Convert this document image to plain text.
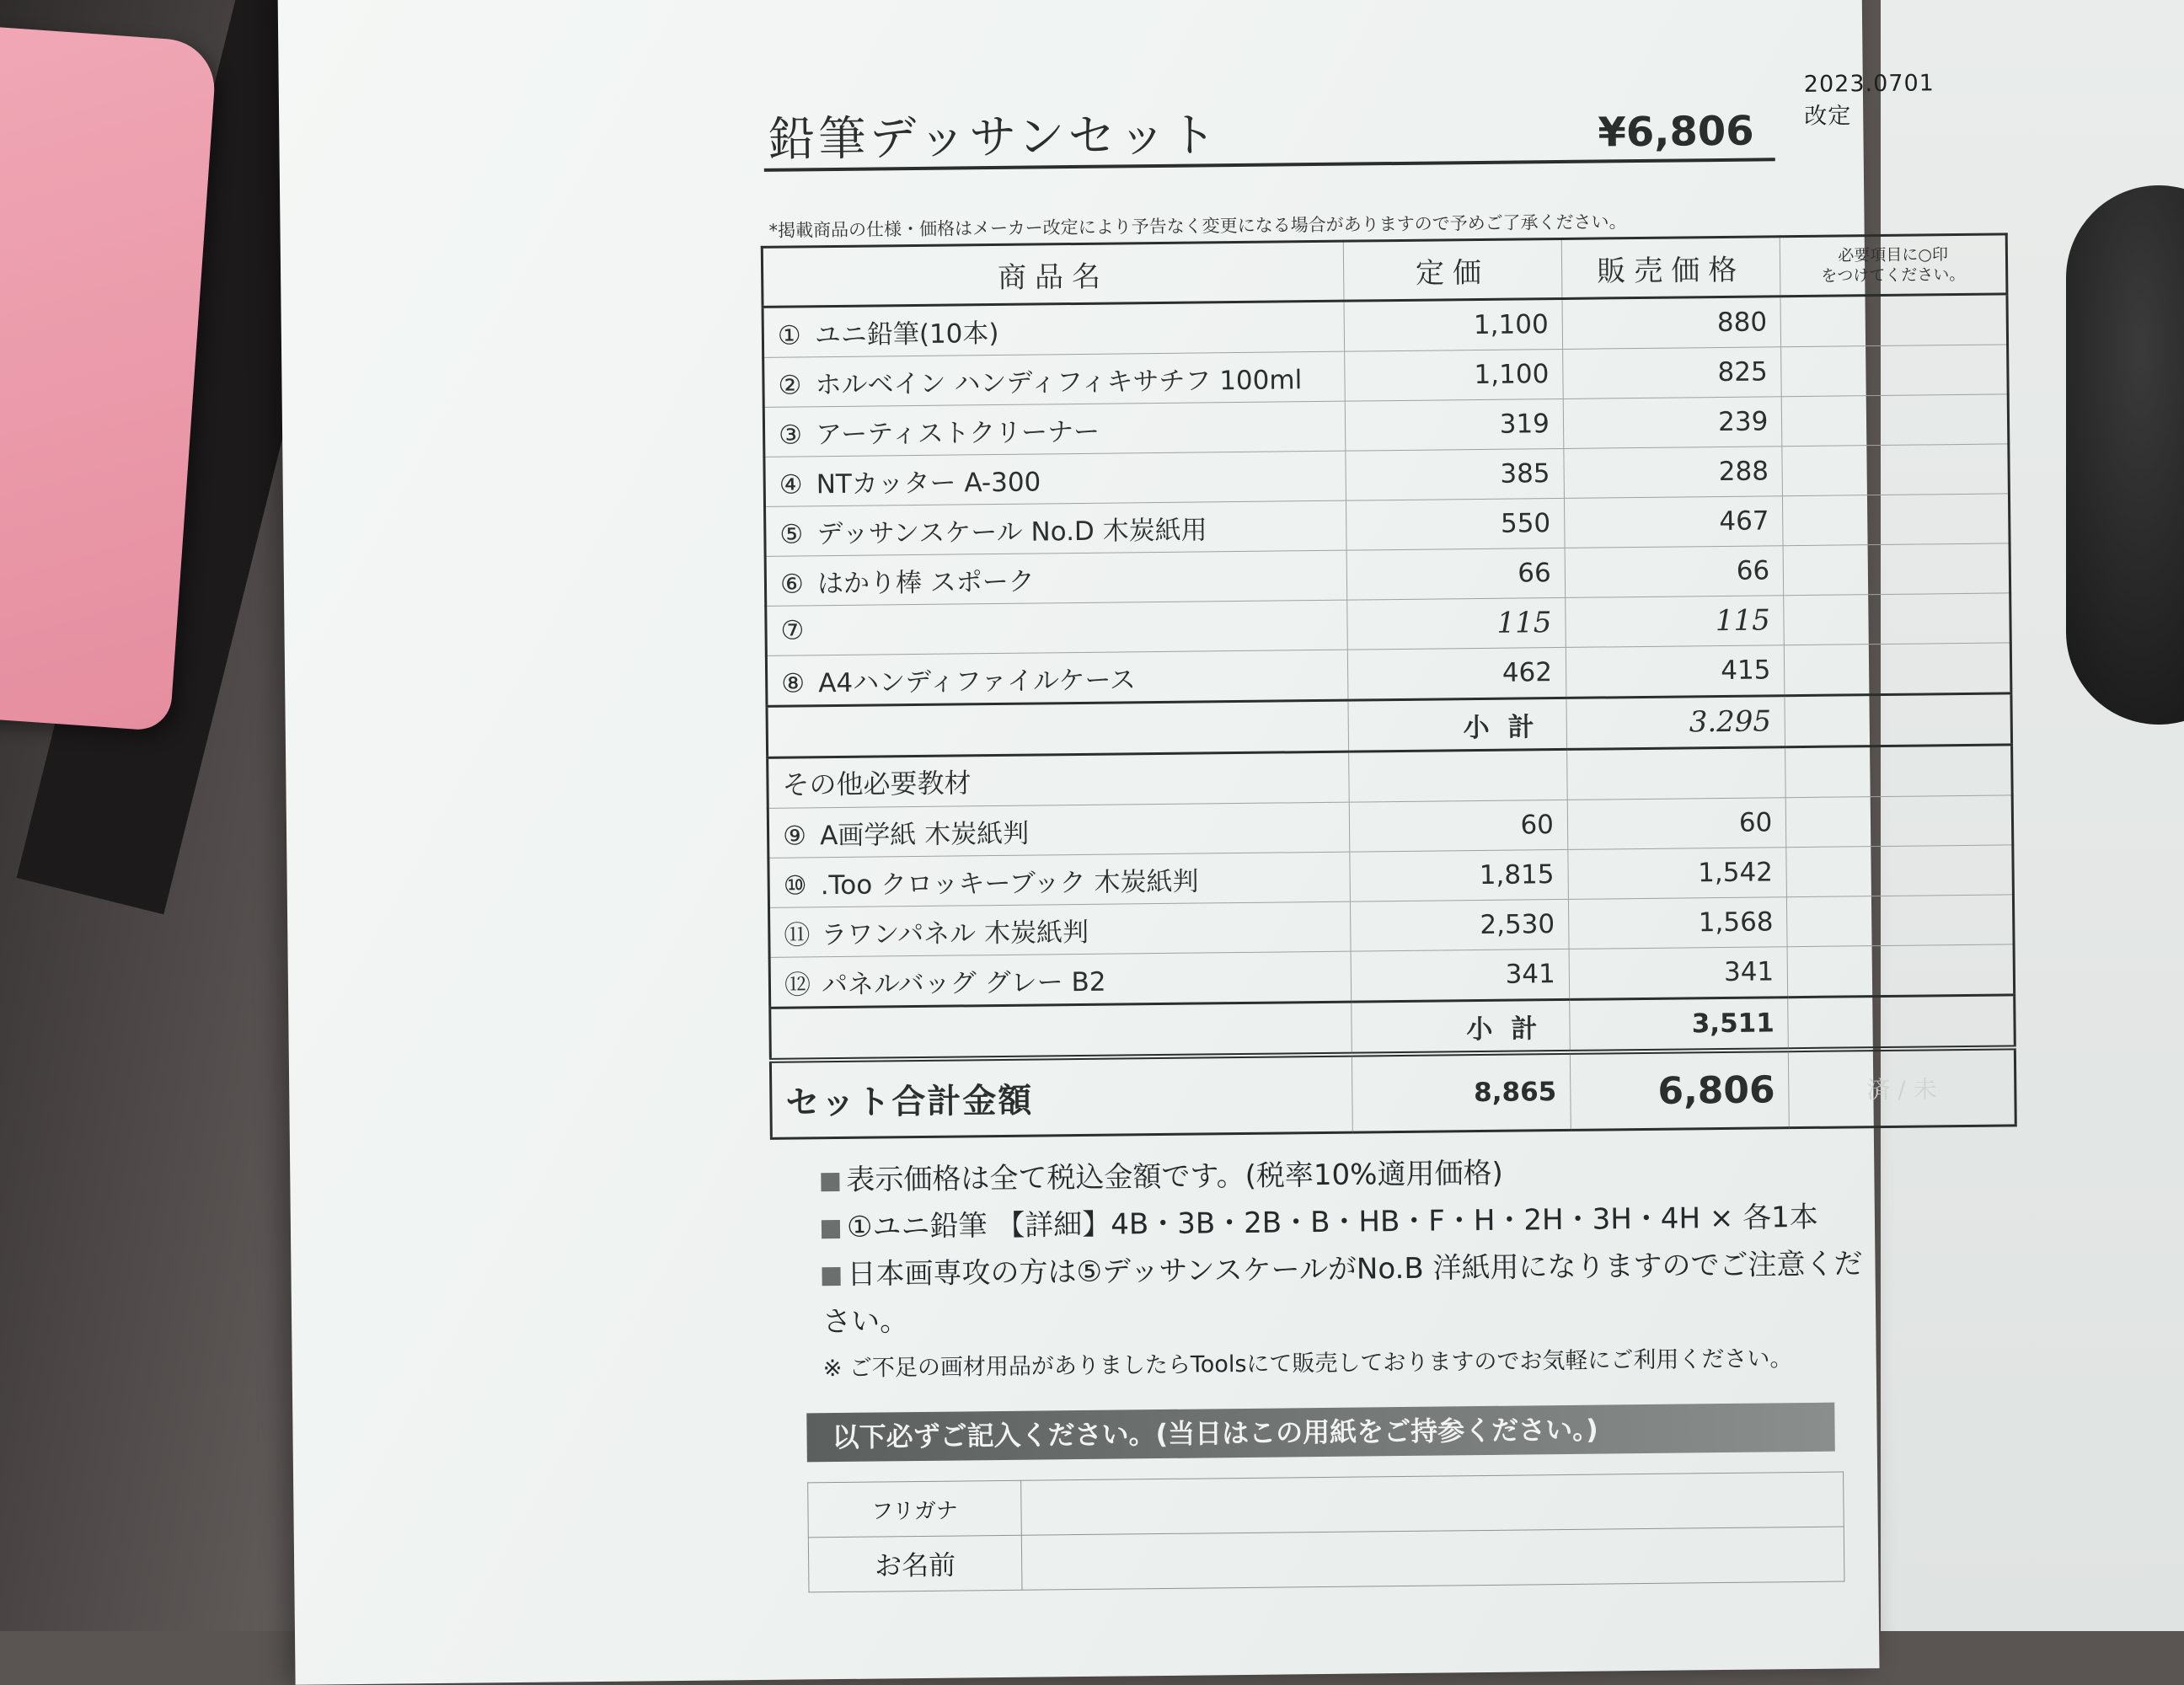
2023.0701改定
鉛筆デッサンセット	¥6,806
*掲載商品の仕様・価格はメーカー改定により予告なく変更になる場合がありますので予めご了承ください。
商品名	定価	販売価格	必要項目に○印
をつけてください。

① ユニ鉛筆(10本)	1,100	880	
② ホルベイン ハンディフィキサチフ 100ml	1,100	825	
③ アーティストクリーナー	319	239	
④ NTカッター A-300	385	288	
⑤ デッサンスケール No.D 木炭紙用	550	467	
⑥ はかり棒 スポーク	66	66	
⑦	115	115	
⑧ A4ハンディファイルケース	462	415	
	小計	3.295	
その他必要教材			
⑨ A画学紙 木炭紙判	60	60	
⑩ .Too クロッキーブック 木炭紙判	1,815	1,542	
⑪ ラワンパネル 木炭紙判	2,530	1,568	
⑫ パネルバッグ グレー B2	341	341	
	小計	3,511	
セット合計金額	8,865	6,806	済 / 未
表示価格は全て税込金額です。(税率10%適用価格)
①ユニ鉛筆 【詳細】4B・3B・2B・B・HB・F・H・2H・3H・4H × 各1本
日本画専攻の方は⑤デッサンスケールがNo.B 洋紙用になりますのでご注意ください。
※ ご不足の画材用品がありましたらToolsにて販売しておりますのでお気軽にご利用ください。
以下必ずご記入ください。(当日はこの用紙をご持参ください。)
フリガナ	
お名前	
